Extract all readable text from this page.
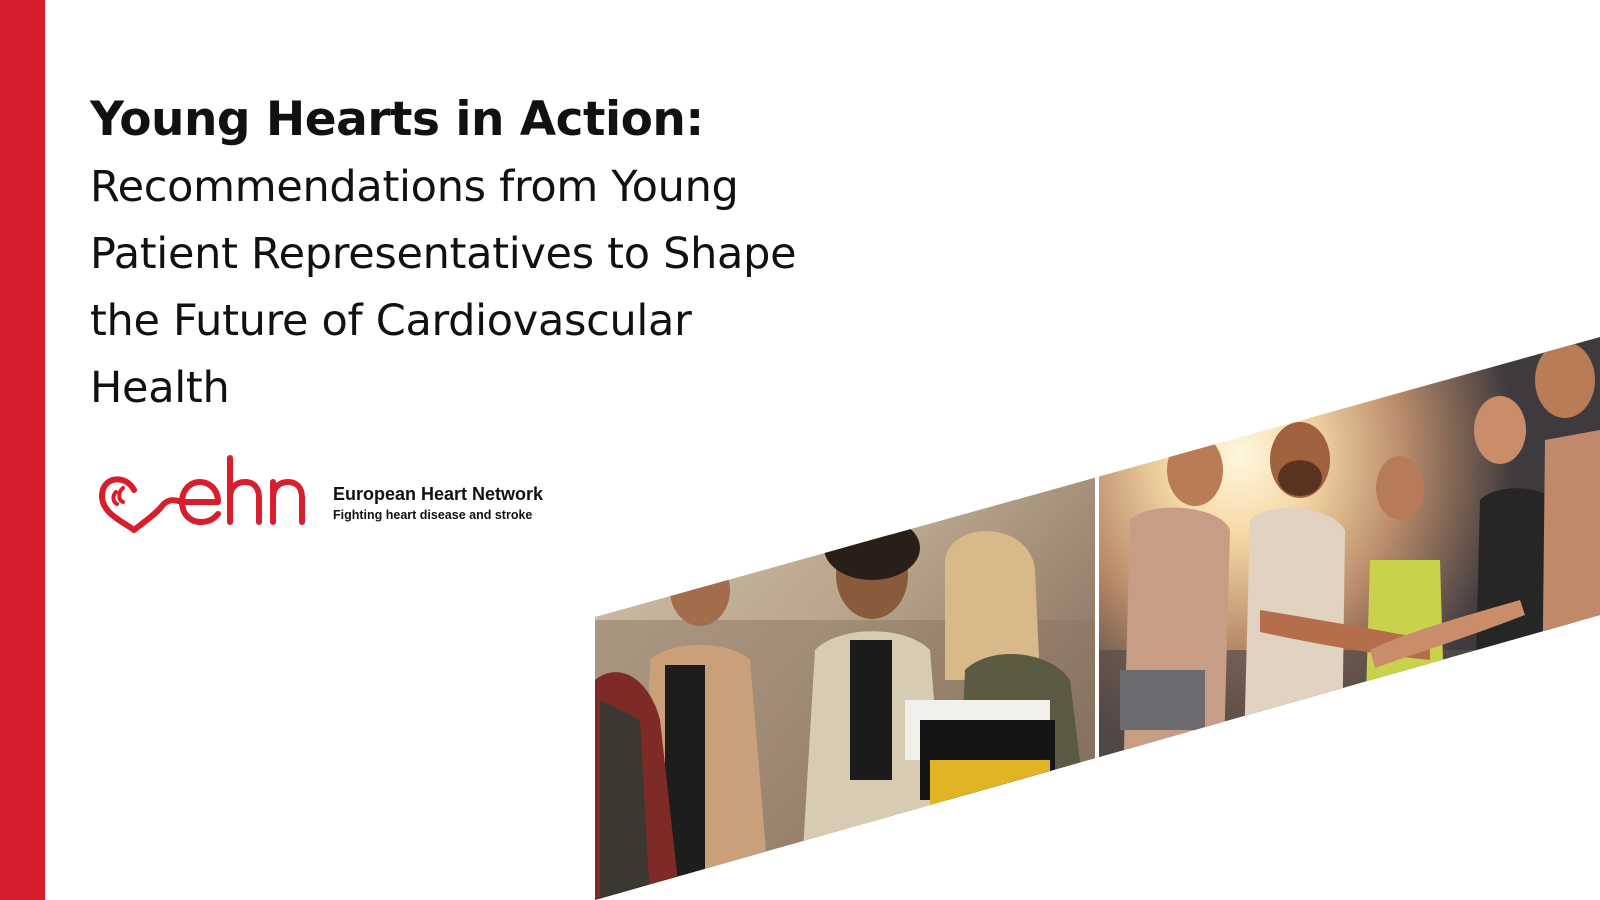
Young Hearts in Action:

Recommendations from Young

Patient Representatives to Shape

the Future of Cardiovascular

Health

European Heart Network
Fighting heart disease and stroke
